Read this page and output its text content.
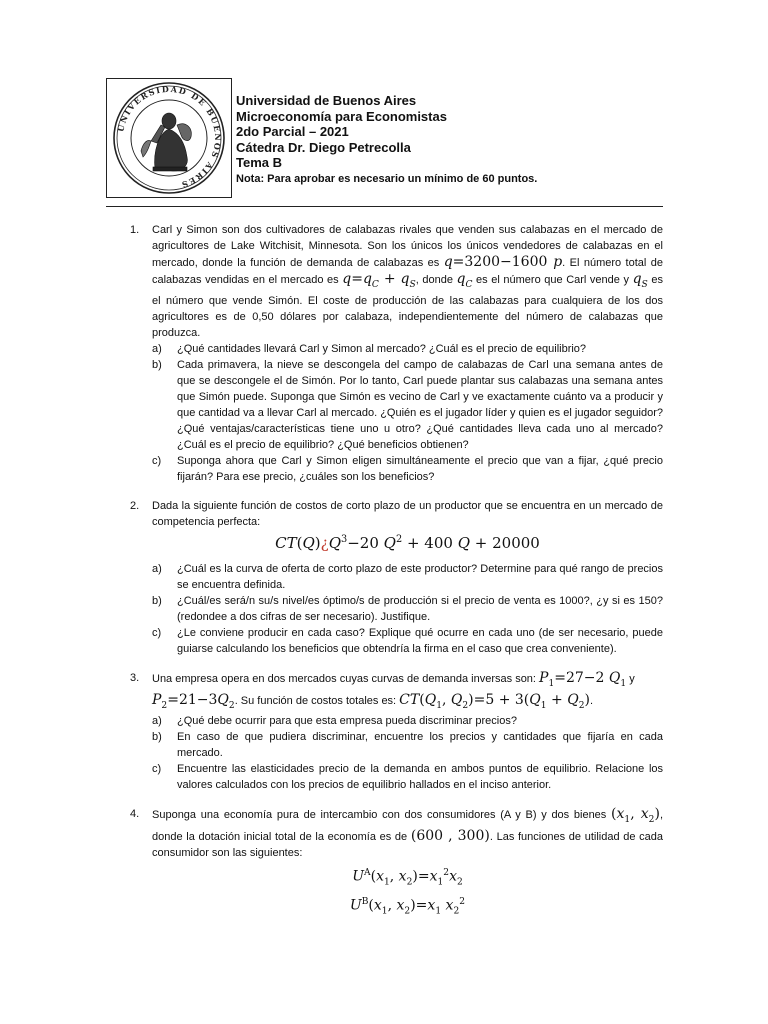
UNIVERSIDAD DE BUENOS AIRES
Universidad de Buenos Aires
Microeconomía para Economistas
2do Parcial – 2021
Cátedra Dr. Diego Petrecolla
Tema B
Nota: Para aprobar es necesario un mínimo de 60 puntos.
1. Carl y Simon son dos cultivadores de calabazas rivales que venden sus calabazas en el mercado de agricultores de Lake Witchisit, Minnesota. Son los únicos los únicos vendedores de calabazas en el mercado, donde la función de demanda de calabazas es q=3200−1600 p. El número total de calabazas vendidas en el mercado es $q=q_C + q_S$, donde $q_C$ es el número que Carl vende y $q_S$ es el número que vende Simón. El coste de producción de las calabazas para cualquiera de los dos agricultores es de 0,50 dólares por calabaza, independientemente del número de calabazas que produzca.
a) ¿Qué cantidades llevará Carl y Simon al mercado? ¿Cuál es el precio de equilibrio?
b) Cada primavera, la nieve se descongela del campo de calabazas de Carl una semana antes de que se descongele el de Simón. Por lo tanto, Carl puede plantar sus calabazas una semana antes que Simón puede. Suponga que Simón es vecino de Carl y ve exactamente cuánto va a producir y que cantidad va a llevar Carl al mercado. ¿Quién es el jugador líder y quien es el jugador seguidor? ¿Qué ventajas/características tiene uno u otro? ¿Qué cantidades lleva cada uno al mercado? ¿Cuál es el precio de equilibrio? ¿Qué beneficios obtienen?
c) Suponga ahora que Carl y Simon eligen simultáneamente el precio que van a fijar, ¿qué precio fijarán? Para ese precio, ¿cuáles son los beneficios?
2. Dada la siguiente función de costos de corto plazo de un productor que se encuentra en un mercado de competencia perfecta:
$CT(Q)¿Q^3-20$ $Q^2 + 400$ Q + 20000
a) ¿Cuál es la curva de oferta de corto plazo de este productor? Determine para qué rango de precios se encuentra definida.
b) ¿Cuál/es será/n su/s nivel/es óptimo/s de producción si el precio de venta es 1000?, ¿y si es 150? (redondee a dos cifras de ser necesario). Justifique.
c) ¿Le conviene producir en cada caso? Explique qué ocurre en cada uno (de ser necesario, puede guiarse calculando los beneficios que obtendría la firma en el caso que crea conveniente).
3. Una empresa opera en dos mercados cuyas curvas de demanda inversas son: $P_1=27-2$ $Q_1$ y
$P_2=21-3Q_2$. Su función de costos totales es: $CT(Q_1$, $Q_2)=5 + 3(Q_1 + Q_2)$.
a) ¿Qué debe ocurrir para que esta empresa pueda discriminar precios?
b) En caso de que pudiera discriminar, encuentre los precios y cantidades que fijaría en cada mercado.
c) Encuentre las elasticidades precio de la demanda en ambos puntos de equilibrio. Relacione los valores calculados con los precios de equilibrio hallados en el inciso anterior.
4. Suponga una economía pura de intercambio con dos consumidores (A y B) y dos bienes ($x_1$, $x_2$), donde la dotación inicial total de la economía es de (600 , 300). Las funciones de utilidad de cada consumidor son las siguientes:
$U^A(x_1$, $x_2)=x_1^2x_2$
$U^B(x_1$, $x_2)=x_1$ $x_2^2$
